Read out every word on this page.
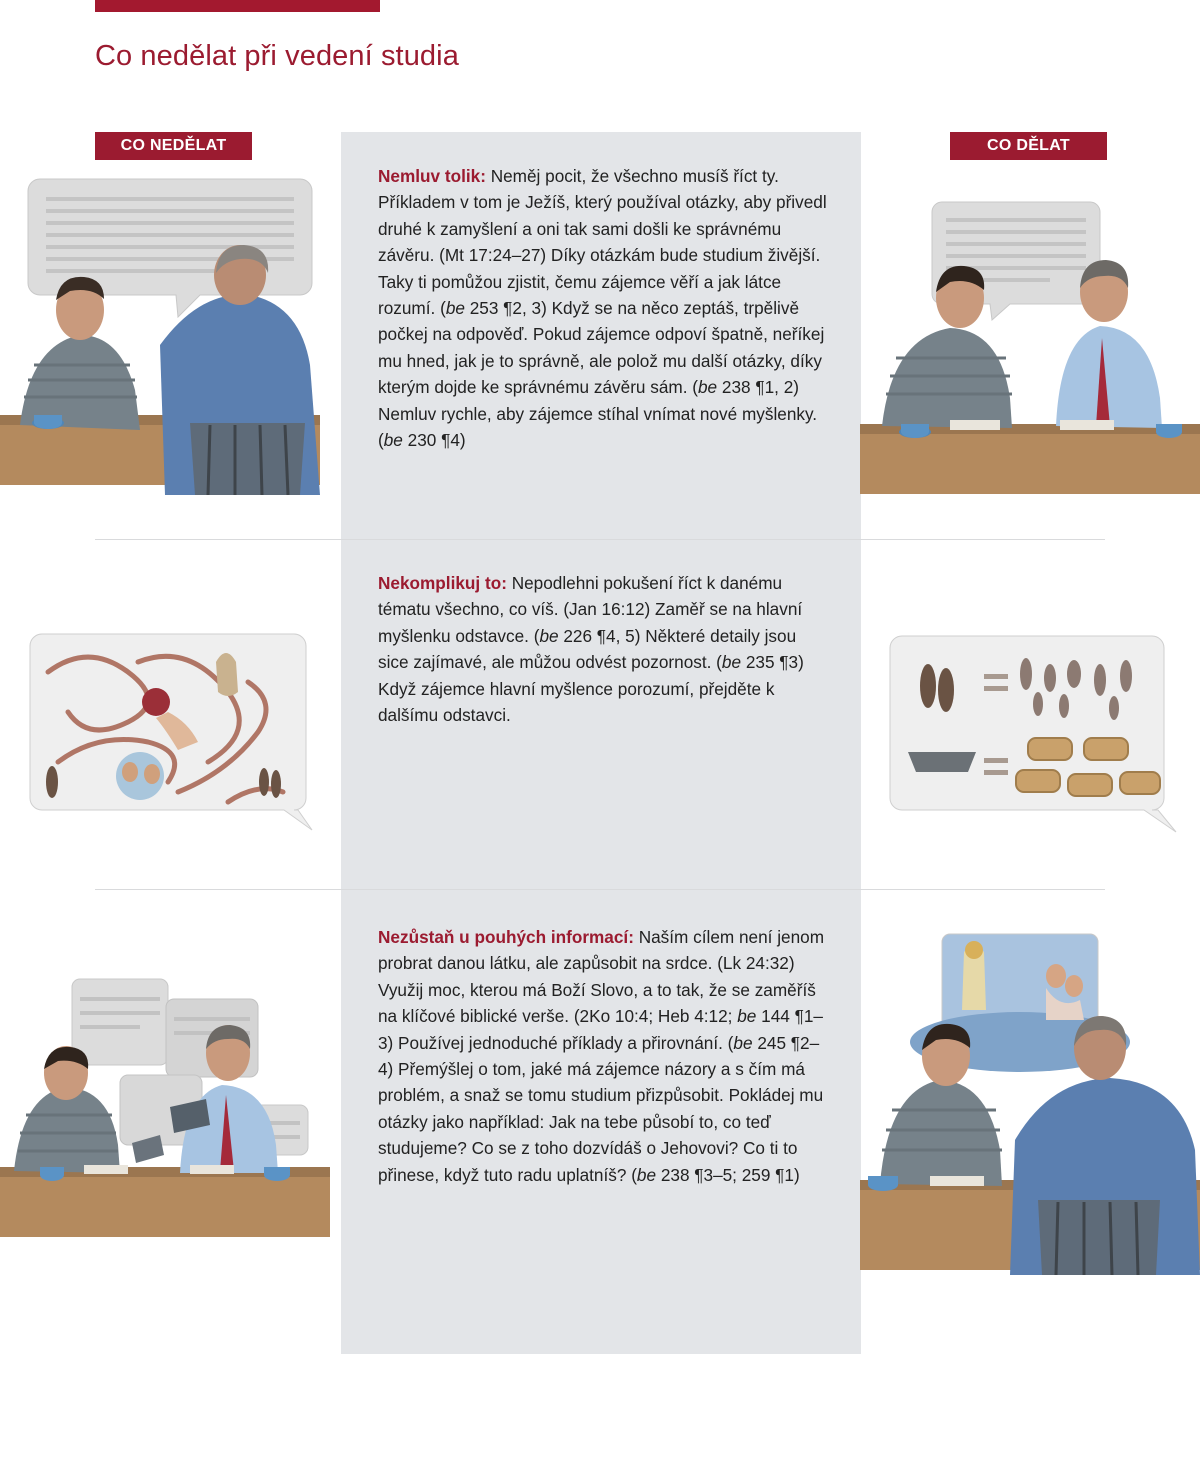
Co nedělat při vedení studia
CO NEDĚLAT	CO DĚLAT

Nemluv tolik: Neměj pocit, že všechno musíš říct ty. Příkladem v tom je Ježíš, který používal otázky, aby přivedl druhé k zamyšlení a oni tak sami došli ke správnému závěru. (Mt 17:24–27) Díky otázkám bude studium živější. Taky ti pomůžou zjistit, čemu zájemce věří a jak látce rozumí. (be 253 ¶2, 3) Když se na něco zeptáš, trpělivě počkej na odpověď. Pokud zájemce odpoví špatně, neříkej mu hned, jak je to správně, ale polož mu další otázky, díky kterým dojde ke správnému závěru sám. (be 238 ¶1, 2) Nemluv rychle, aby zájemce stíhal vnímat nové myšlenky. (be 230 ¶4)

Nekomplikuj to: Nepodlehni pokušení říct k danému tématu všechno, co víš. (Jan 16:12) Zaměř se na hlavní myšlenku odstavce. (be 226 ¶4, 5) Některé detaily jsou sice zajímavé, ale můžou odvést pozornost. (be 235 ¶3) Když zájemce hlavní myšlence porozumí, přejděte k dalšímu odstavci.

Nezůstaň u pouhých informací: Naším cílem není jenom probrat danou látku, ale zapůsobit na srdce. (Lk 24:32) Využij moc, kterou má Boží Slovo, a to tak, že se zaměříš na klíčové biblické verše. (2Ko 10:4; Heb 4:12; be 144 ¶1–3) Používej jednoduché příklady a přirovnání. (be 245 ¶2–4) Přemýšlej o tom, jaké má zájemce názory a s čím má problém, a snaž se tomu studium přizpůsobit. Pokládej mu otázky jako například: Jak na tebe působí to, co teď studujeme? Co se z toho dozvídáš o Jehovovi? Co ti to přinese, když tuto radu uplatníš? (be 238 ¶3–5; 259 ¶1)
